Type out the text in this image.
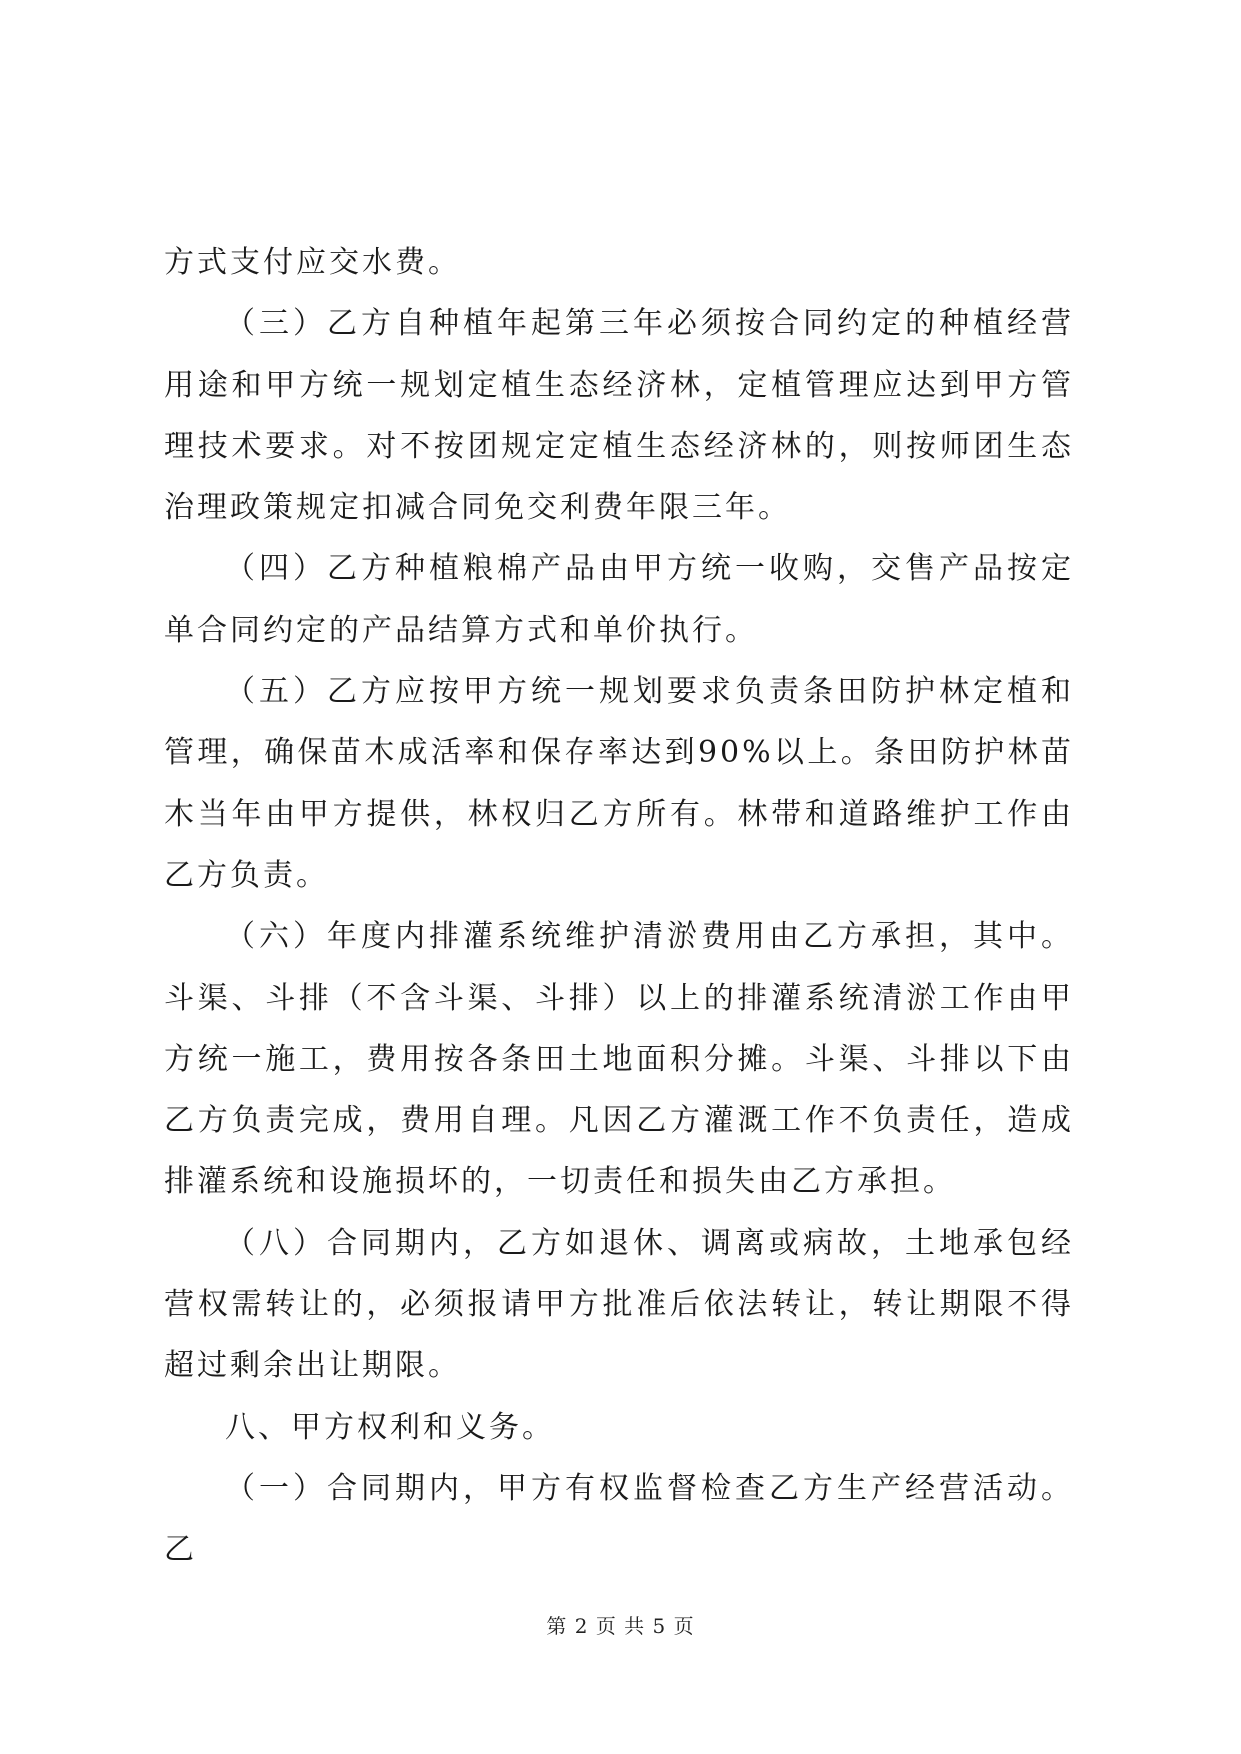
方式支付应交水费。

（三）乙方自种植年起第三年必须按合同约定的种植经营用途和甲方统一规划定植生态经济林，定植管理应达到甲方管理技术要求。对不按团规定定植生态经济林的，则按师团生态治理政策规定扣减合同免交利费年限三年。

（四）乙方种植粮棉产品由甲方统一收购，交售产品按定单合同约定的产品结算方式和单价执行。

（五）乙方应按甲方统一规划要求负责条田防护林定植和管理，确保苗木成活率和保存率达到90%以上。条田防护林苗木当年由甲方提供，林权归乙方所有。林带和道路维护工作由乙方负责。

（六）年度内排灌系统维护清淤费用由乙方承担，其中。斗渠、斗排（不含斗渠、斗排）以上的排灌系统清淤工作由甲方统一施工，费用按各条田土地面积分摊。斗渠、斗排以下由乙方负责完成，费用自理。凡因乙方灌溉工作不负责任，造成排灌系统和设施损坏的，一切责任和损失由乙方承担。

（八）合同期内，乙方如退休、调离或病故，土地承包经营权需转让的，必须报请甲方批准后依法转让，转让期限不得超过剩余出让期限。

八、甲方权利和义务。

（一）合同期内，甲方有权监督检查乙方生产经营活动。乙

第 2 页 共 5 页
